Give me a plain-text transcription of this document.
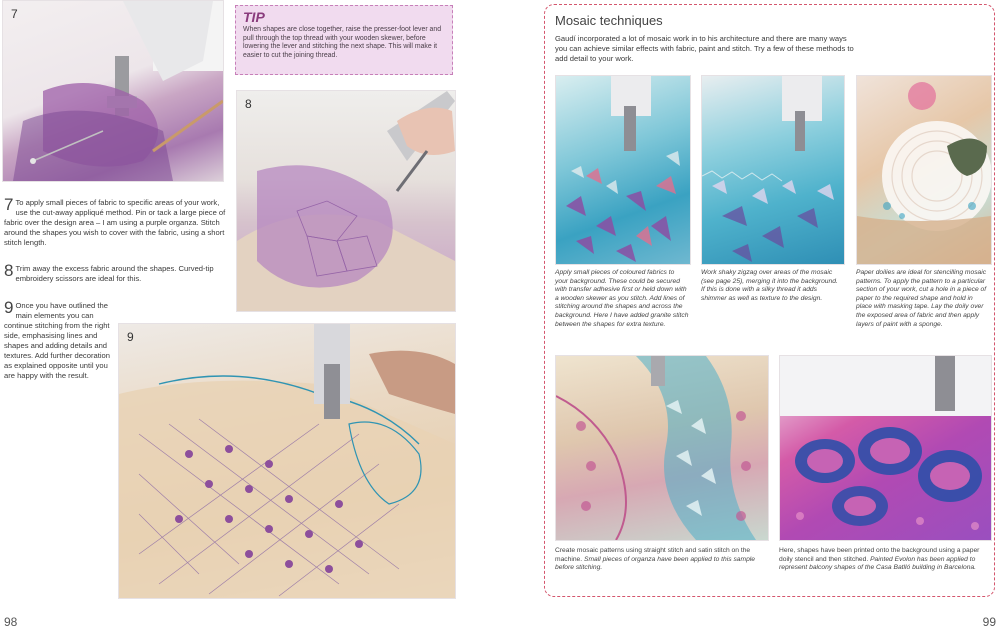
7	TIP
When shapes are close together, raise the presser-foot lever and pull through the top thread with your wooden skewer, before lowering the lever and stitching the next shape. This will make it easier to cut the joining thread.
8
7 To apply small pieces of fabric to specific areas of your work, use the cut-away appliqué method. Pin or tack a large piece of fabric over the design area – I am using a purple organza. Stitch around the shapes you wish to cover with the fabric, using a short stitch length.
8 Trim away the excess fabric around the shapes. Curved-tip embroidery scissors are ideal for this.
9 Once you have outlined the main elements you can continue stitching from the right side, emphasising lines and shapes and adding details and textures. Add further decoration as explained opposite until you are happy with the result.
9
98
Mosaic techniques
Gaudí incorporated a lot of mosaic work in to his architecture and there are many ways you can achieve similar effects with fabric, paint and stitch. Try a few of these methods to add detail to your work.
Apply small pieces of coloured fabrics to your background. These could be secured with transfer adhesive first or held down with a wooden skewer as you stitch. Add lines of stitching around the shapes and across the background. Here I have added granite stitch between the shapes for extra texture.
Work shaky zigzag over areas of the mosaic (see page 25), merging it into the background. If this is done with a silky thread it adds shimmer as well as texture to the design.
Paper doilies are ideal for stencilling mosaic patterns. To apply the pattern to a particular section of your work, cut a hole in a piece of paper to the required shape and hold in place with masking tape. Lay the doily over the exposed area of fabric and then apply layers of paint with a sponge.
Create mosaic patterns using straight stitch and satin stitch on the machine. Small pieces of organza have been applied to this sample before stitching.
Here, shapes have been printed onto the background using a paper doily stencil and then stitched. Painted Evolon has been applied to represent balcony shapes of the Casa Batlló building in Barcelona.
99
